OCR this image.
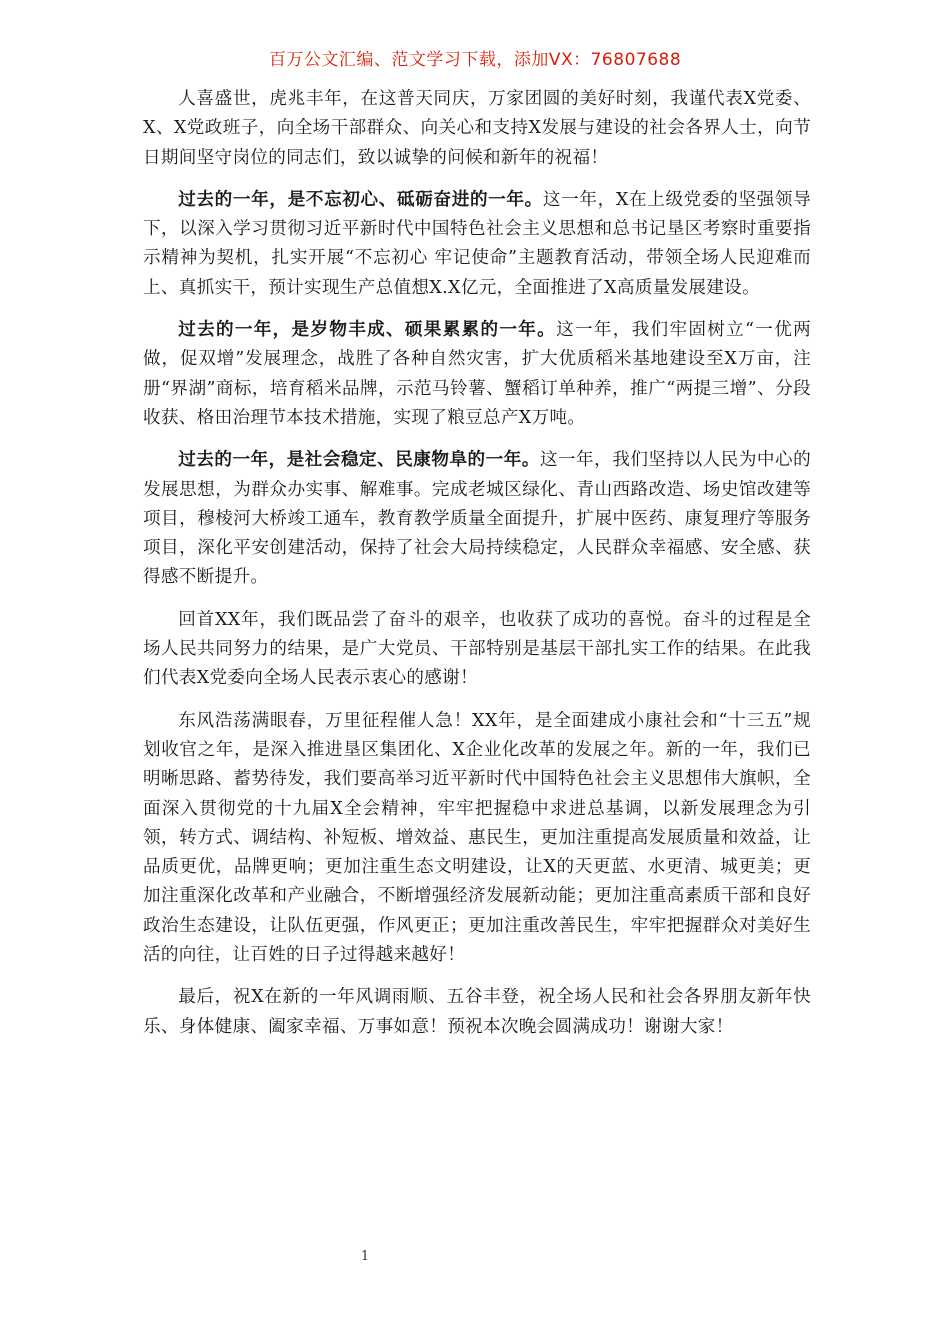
百万公文汇编、范文学习下载，添加VX：76807688

人喜盛世，虎兆丰年，在这普天同庆，万家团圆的美好时刻，我谨代表X党委、X、X党政班子，向全场干部群众、向关心和支持X发展与建设的社会各界人士，向节日期间坚守岗位的同志们，致以诚挚的问候和新年的祝福！

过去的一年，是不忘初心、砥砺奋进的一年。这一年，X在上级党委的坚强领导下，以深入学习贯彻习近平新时代中国特色社会主义思想和总书记垦区考察时重要指示精神为契机，扎实开展“不忘初心 牢记使命”主题教育活动，带领全场人民迎难而上、真抓实干，预计实现生产总值想X.X亿元，全面推进了X高质量发展建设。

过去的一年，是岁物丰成、硕果累累的一年。这一年，我们牢固树立“一优两做，促双增”发展理念，战胜了各种自然灾害，扩大优质稻米基地建设至X万亩，注册“界湖”商标，培育稻米品牌，示范马铃薯、蟹稻订单种养，推广“两提三增”、分段收获、格田治理节本技术措施，实现了粮豆总产X万吨。

过去的一年，是社会稳定、民康物阜的一年。这一年，我们坚持以人民为中心的发展思想，为群众办实事、解难事。完成老城区绿化、青山西路改造、场史馆改建等项目，穆棱河大桥竣工通车，教育教学质量全面提升，扩展中医药、康复理疗等服务项目，深化平安创建活动，保持了社会大局持续稳定，人民群众幸福感、安全感、获得感不断提升。

回首XX年，我们既品尝了奋斗的艰辛，也收获了成功的喜悦。奋斗的过程是全场人民共同努力的结果，是广大党员、干部特别是基层干部扎实工作的结果。在此我们代表X党委向全场人民表示衷心的感谢！

东风浩荡满眼春，万里征程催人急！XX年，是全面建成小康社会和“十三五”规划收官之年，是深入推进垦区集团化、X企业化改革的发展之年。新的一年，我们已明晰思路、蓄势待发，我们要高举习近平新时代中国特色社会主义思想伟大旗帜，全面深入贯彻党的十九届X全会精神，牢牢把握稳中求进总基调，以新发展理念为引领，转方式、调结构、补短板、增效益、惠民生，更加注重提高发展质量和效益，让品质更优，品牌更响；更加注重生态文明建设，让X的天更蓝、水更清、城更美；更加注重深化改革和产业融合，不断增强经济发展新动能；更加注重高素质干部和良好政治生态建设，让队伍更强，作风更正；更加注重改善民生，牢牢把握群众对美好生活的向往，让百姓的日子过得越来越好！

最后，祝X在新的一年风调雨顺、五谷丰登，祝全场人民和社会各界朋友新年快乐、身体健康、阖家幸福、万事如意！预祝本次晚会圆满成功！谢谢大家！

1
